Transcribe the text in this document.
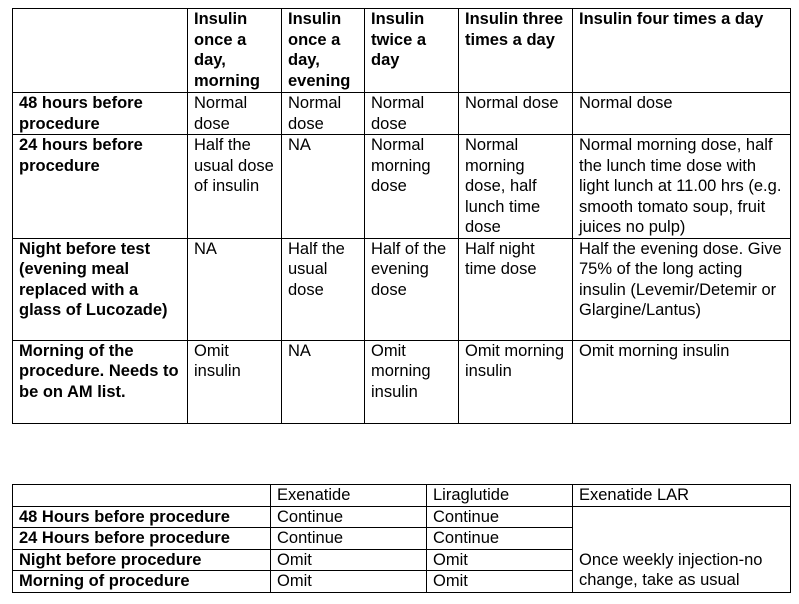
	Insulin once a day, morning	Insulin once a day, evening	Insulin twice a day	Insulin three times a day	Insulin four times a day
48 hours before procedure	Normal dose	Normal dose	Normal dose	Normal dose	Normal dose
24 hours before procedure	Half the usual dose of insulin	NA	Normal morning dose	Normal morning dose, half lunch time dose	Normal morning dose, half the lunch time dose with light lunch at 11.00 hrs (e.g. smooth tomato soup, fruit juices no pulp)
Night before test (evening meal replaced with a glass of Lucozade)	NA	Half the usual dose	Half of the evening dose	Half night time dose	Half the evening dose. Give 75% of the long acting insulin (Levemir/Detemir or Glargine/Lantus)
Morning of the procedure. Needs to be on AM list.	Omit insulin	NA	Omit morning insulin	Omit morning insulin	Omit morning insulin
	Exenatide	Liraglutide	Exenatide LAR
48 Hours before procedure	Continue	Continue	Once weekly injection-no change, take as usual
24 Hours before procedure	Continue	Continue	
Night before procedure	Omit	Omit	
Morning of procedure	Omit	Omit	
